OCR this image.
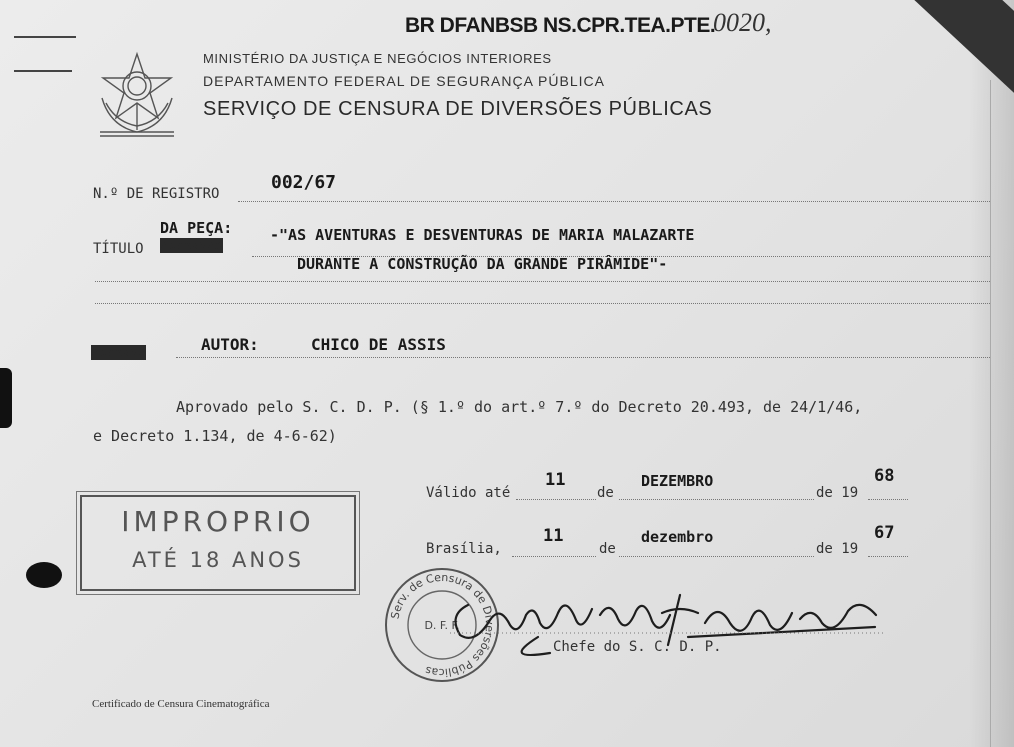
BR DFANBSB NS.CPR.TEA.PTE.
0020,
MINISTÉRIO DA JUSTIÇA E NEGÓCIOS INTERIORES
DEPARTAMENTO FEDERAL DE SEGURANÇA PÚBLICA
SERVIÇO DE CENSURA DE DIVERSÕES PÚBLICAS
N.º DE REGISTRO
002/67
DA PEÇA:
TÍTULO xxxxxxxx
-"AS AVENTURAS E DESVENTURAS DE MARIA MALAZARTE
DURANTE A CONSTRUÇÃO DA GRANDE PIRÂMIDE"-
xxxxxxx	AUTOR:	CHICO DE ASSIS
Aprovado pelo S. C. D. P. (§ 1.º do art.º 7.º do Decreto 20.493, de 24/1/46,
e Decreto 1.134, de 4-6-62)
Válido até
11
de
DEZEMBRO
de 19
68
Brasília,
11
de
dezembro
de 19
67
IMPROPRIO
ATÉ 18 ANOS
Serv. de Censura de Diversões Públicas
D. F. F.
Chefe do S. C. D. P.
Certificado de Censura Cinematográfica
